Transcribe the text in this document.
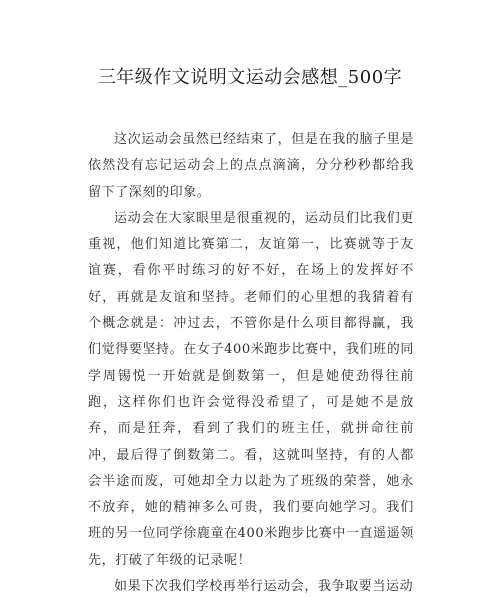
三年级作文说明文运动会感想_500字

这次运动会虽然已经结束了，但是在我的脑子里是依然没有忘记运动会上的点点滴滴，分分秒秒都给我留下了深刻的印象。

运动会在大家眼里是很重视的，运动员们比我们更重视，他们知道比赛第二，友谊第一，比赛就等于友谊赛，看你平时练习的好不好，在场上的发挥好不好，再就是友谊和坚持。老师们的心里想的我猜着有个概念就是：冲过去，不管你是什么项目都得赢，我们觉得要坚持。在女子400米跑步比赛中，我们班的同学周锡悦一开始就是倒数第一，但是她使劲得往前跑，这样你们也许会觉得没希望了，可是她不是放弃，而是狂奔，看到了我们的班主任，就拼命往前冲，最后得了倒数第二。看，这就叫坚持，有的人都会半途而废，可她却全力以赴为了班级的荣誉，她永不放弃，她的精神多么可贵，我们要向她学习。我们班的另一位同学徐鹿童在400米跑步比赛中一直遥遥领先，打破了年级的记录呢！

如果下次我们学校再举行运动会，我争取要当运动
